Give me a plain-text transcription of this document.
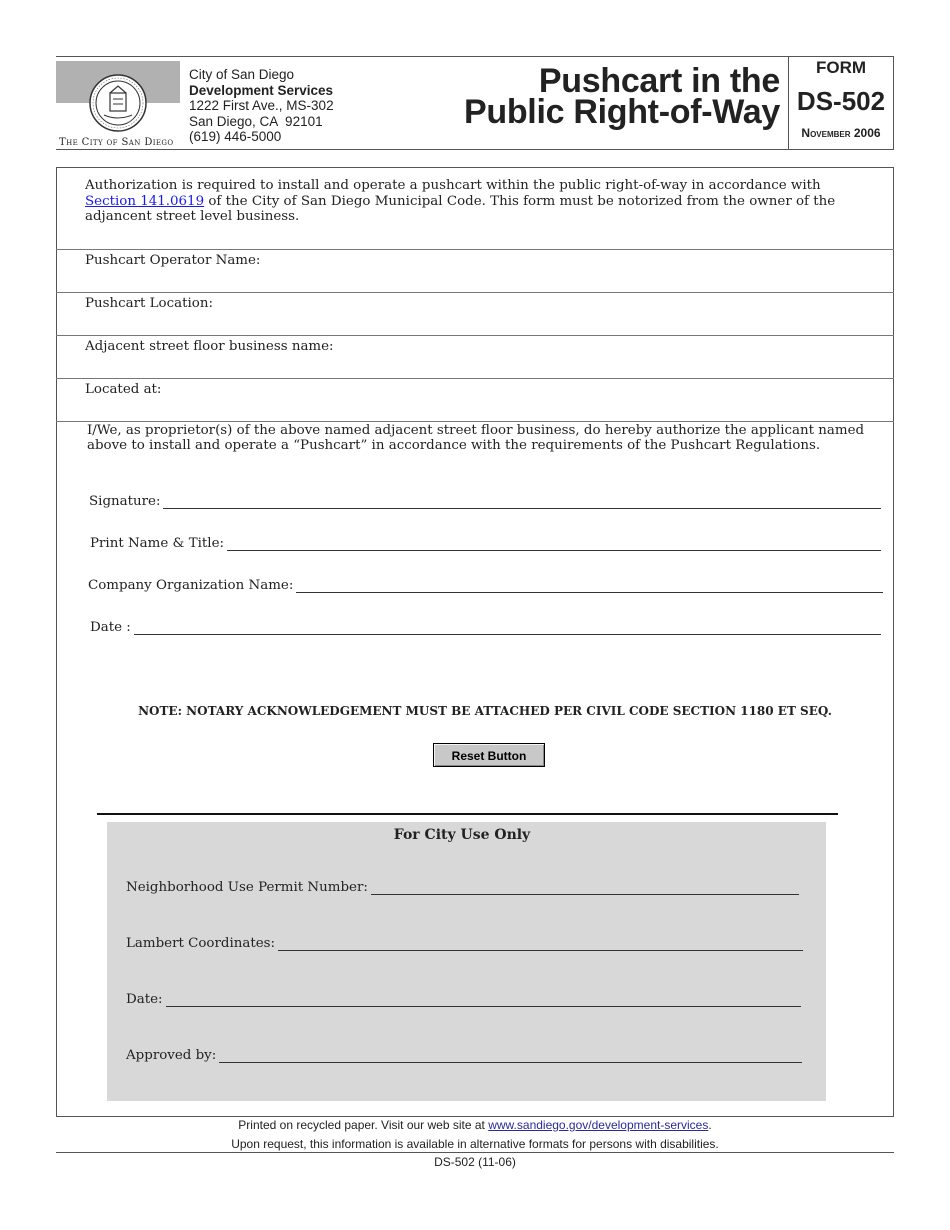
The City of San Diego
City of San Diego
Development Services
1222 First Ave., MS-302
San Diego, CA  92101
(619) 446-5000
Pushcart in the
Public Right-of-Way
FORM
DS-502
November 2006
Authorization is required to install and operate a pushcart within the public right-of-way in accordance with Section 141.0619 of the City of San Diego Municipal Code. This form must be notorized from the owner of the adjancent street level business.
Pushcart Operator Name:
Pushcart Location:
Adjacent street floor business name:
Located at:
I/We, as proprietor(s) of the above named adjacent street floor business, do hereby authorize the applicant named above to install and operate a “Pushcart” in accordance with the requirements of the Pushcart Regulations.
Signature:
Print Name & Title:
Company Organization Name:
Date :
NOTE: NOTARY ACKNOWLEDGEMENT MUST BE ATTACHED PER CIVIL CODE SECTION 1180 ET SEQ.
Reset Button
For City Use Only
Neighborhood Use Permit Number:
Lambert Coordinates:
Date:
Approved by:
Printed on recycled paper. Visit our web site at www.sandiego.gov/development-services.
Upon request, this information is available in alternative formats for persons with disabilities.
DS-502 (11-06)
